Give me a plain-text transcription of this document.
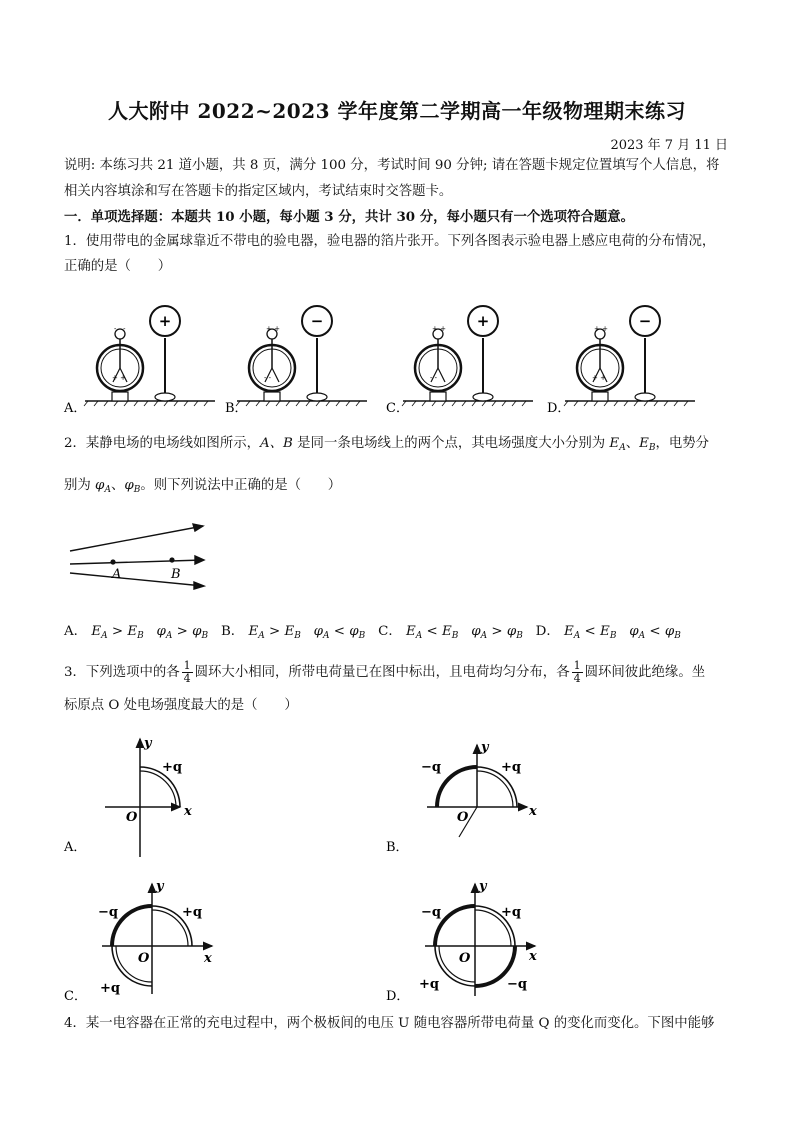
人大附中 2022~2023 学年度第二学期高一年级物理期末练习
2023 年 7 月 11 日
说明: 本练习共 21 道小题，共 8 页，满分 100 分，考试时间 90 分钟; 请在答题卡规定位置填写个人信息，将
相关内容填涂和写在答题卡的指定区域内，考试结束时交答题卡。
一．单项选择题：本题共 10 小题，每小题 3 分，共计 30 分，每小题只有一个选项符合题意。
1．使用带电的金属球靠近不带电的验电器，验电器的箔片张开。下列各图表示验电器上感应电荷的分布情况，
正确的是（　　）
+
- - -
+ +
−
+ +
- -
+
+ +
- -
−
+ +
+ +
A．	B．	C．	D．
2．某静电场的电场线如图所示，A、B 是同一条电场线上的两个点，其电场强度大小分别为 $E_A$、$E_B$，电势分
别为 $\varphi_A$、$\varphi_B$。则下列说法中正确的是（　　）
A	B
A． $E_A > E_B$ $\varphi_A > \varphi_B$ B． $E_A > E_B$ $\varphi_A < \varphi_B$ C． $E_A < E_B$ $\varphi_A > \varphi_B$ D． $E_A < E_B$ $\varphi_A < \varphi_B$
3．下列选项中的各 $\frac{1}{4}$ 圆环大小相同，所带电荷量已在图中标出，且电荷均匀分布，各 $\frac{1}{4}$ 圆环间彼此绝缘。坐
标原点 O 处电场强度最大的是（　　）
y
x
O
+q
A．
y
x
O
−q	+q
B．
y
x
O
−q	+q
+q
C．
y
x
O
−q	+q
+q	−q
D．
4．某一电容器在正常的充电过程中，两个极板间的电压 U 随电容器所带电荷量 Q 的变化而变化。下图中能够
